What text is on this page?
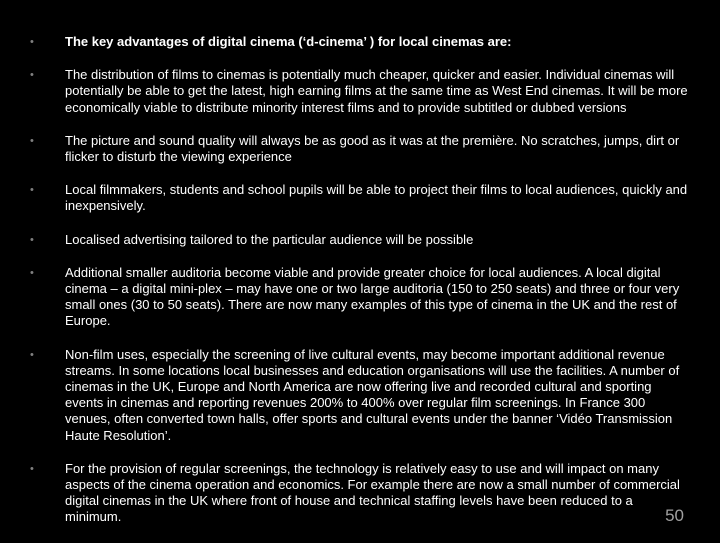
•	The key advantages of digital cinema (‘d-cinema’ ) for local cinemas are:
•	The distribution of films to cinemas is potentially much cheaper, quicker and easier. Individual cinemas will potentially be able to get the latest, high earning films at the same time as West End cinemas. It will be more economically viable to distribute minority interest films and to provide subtitled or dubbed versions
•	The picture and sound quality will always be as good as it was at the première. No scratches, jumps, dirt or flicker to disturb the viewing experience
•	Local filmmakers, students and school pupils will be able to project their films to local audiences, quickly and inexpensively.
•	Localised advertising tailored to the particular audience will be possible
•	Additional smaller auditoria become viable and provide greater choice for local audiences. A local digital cinema – a digital mini-plex – may have one or two large auditoria (150 to 250 seats) and three or four very small ones (30 to 50 seats). There are now many examples of this type of cinema in the UK and the rest of Europe.
•	Non-film uses, especially the screening of live cultural events, may become important additional revenue streams. In some locations local businesses and education organisations will use the facilities. A number of cinemas in the UK, Europe and North America are now offering live and recorded cultural and sporting events in cinemas and reporting revenues 200% to 400% over regular film screenings. In France 300 venues, often converted town halls, offer sports and cultural events under the banner ‘Vidéo Transmission Haute Resolution’.
•	For the provision of regular screenings, the technology is relatively easy to use and will impact on many aspects of the cinema operation and economics. For example there are now a small number of commercial digital cinemas in the UK where front of house and technical staffing levels have been reduced to a minimum.	50
